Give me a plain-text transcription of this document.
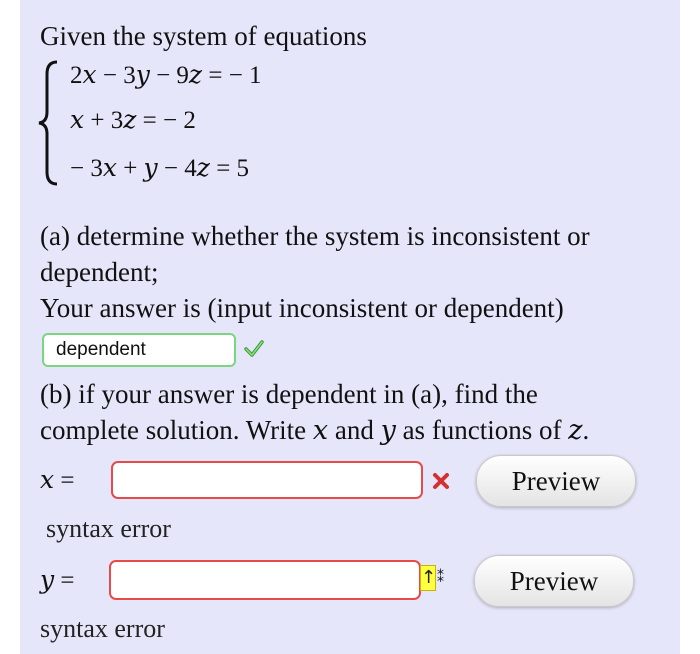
Given the system of equations
2𝑥 − 3𝑦 − 9𝑧 = − 1
𝑥 + 3𝑧 = − 2
− 3𝑥 + 𝑦 − 4𝑧 = 5
(a) determine whether the system is inconsistent or
dependent;
Your answer is (input inconsistent or dependent)
dependent
(b) if your answer is dependent in (a), find the
complete solution. Write 𝑥 and 𝑦 as functions of 𝑧.
𝑥 =	Preview
syntax error
𝑦 =	↑ ⁑	Preview
syntax error
